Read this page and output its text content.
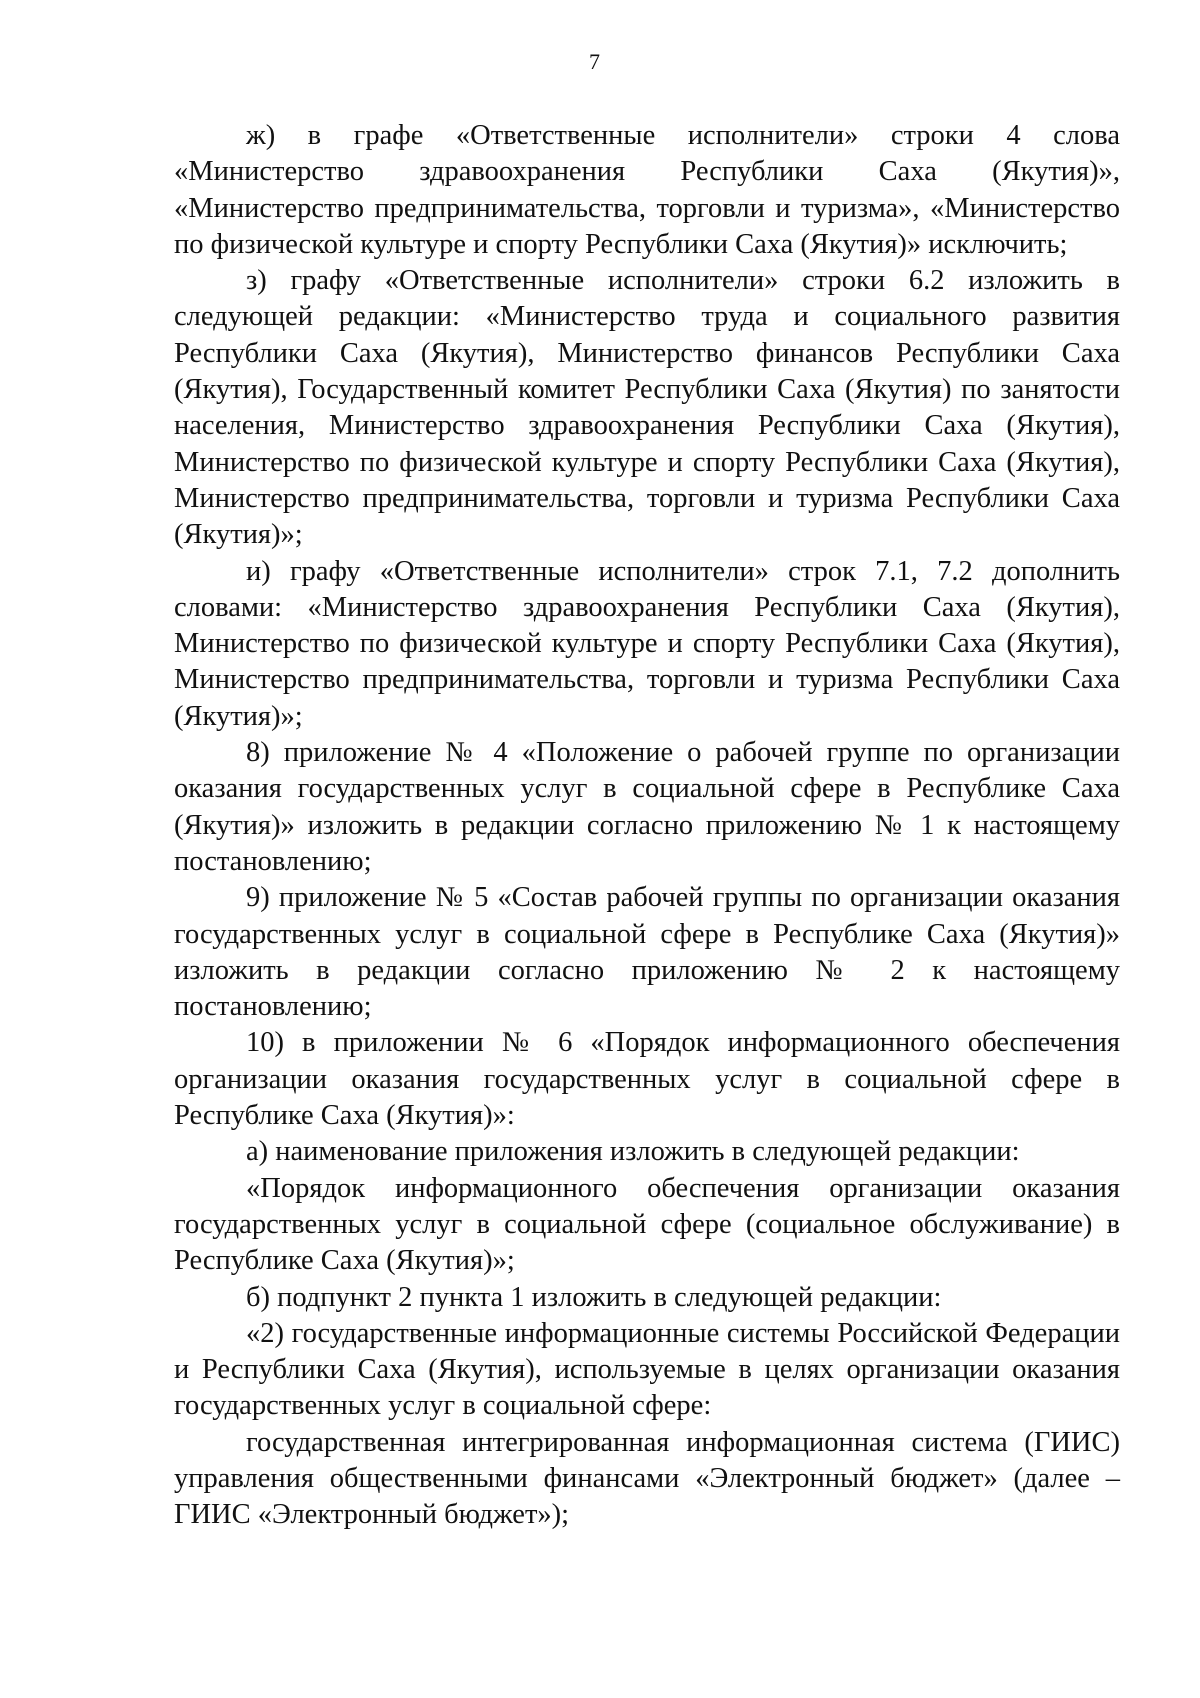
7

ж) в графе «Ответственные исполнители» строки 4 слова «Министерство здравоохранения Республики Саха (Якутия)», «Министерство предпринимательства, торговли и туризма», «Министерство по физической культуре и спорту Республики Саха (Якутия)» исключить;

з) графу «Ответственные исполнители» строки 6.2 изложить в следующей редакции: «Министерство труда и социального развития Республики Саха (Якутия), Министерство финансов Республики Саха (Якутия), Государственный комитет Республики Саха (Якутия) по занятости населения, Министерство здравоохранения Республики Саха (Якутия), Министерство по физической культуре и спорту Республики Саха (Якутия), Министерство предпринимательства, торговли и туризма Республики Саха (Якутия)»;

и) графу «Ответственные исполнители» строк 7.1, 7.2 дополнить словами: «Министерство здравоохранения Республики Саха (Якутия), Министерство по физической культуре и спорту Республики Саха (Якутия), Министерство предпринимательства, торговли и туризма Республики Саха (Якутия)»;

8) приложение № 4 «Положение о рабочей группе по организации оказания государственных услуг в социальной сфере в Республике Саха (Якутия)» изложить в редакции согласно приложению № 1 к настоящему постановлению;

9) приложение № 5 «Состав рабочей группы по организации оказания государственных услуг в социальной сфере в Республике Саха (Якутия)» изложить в редакции согласно приложению № 2 к настоящему постановлению;

10) в приложении № 6 «Порядок информационного обеспечения организации оказания государственных услуг в социальной сфере в Республике Саха (Якутия)»:

а) наименование приложения изложить в следующей редакции:

«Порядок информационного обеспечения организации оказания государственных услуг в социальной сфере (социальное обслуживание) в Республике Саха (Якутия)»;

б) подпункт 2 пункта 1 изложить в следующей редакции:

«2) государственные информационные системы Российской Федерации и Республики Саха (Якутия), используемые в целях организации оказания государственных услуг в социальной сфере:

государственная интегрированная информационная система (ГИИС) управления общественными финансами «Электронный бюджет» (далее – ГИИС «Электронный бюджет»);
